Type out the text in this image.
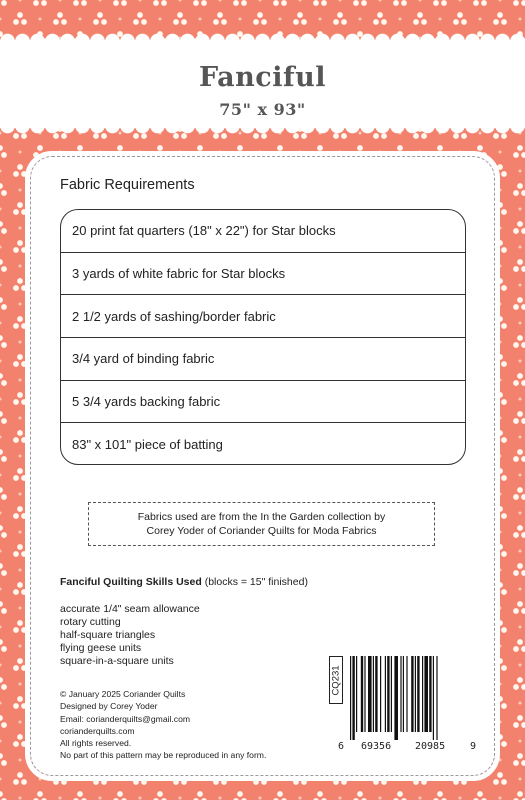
Fanciful
75" x 93"
Fabric Requirements
20 print fat quarters (18" x 22") for Star blocks
3 yards of white fabric for Star blocks
2 1/2 yards of sashing/border fabric
3/4 yard of binding fabric
5 3/4 yards backing fabric
83" x 101" piece of batting
Fabrics used are from the In the Garden collection by
Corey Yoder of Coriander Quilts for Moda Fabrics
Fanciful Quilting Skills Used (blocks = 15" finished)
accurate 1/4" seam allowance
rotary cutting
half-square triangles
flying geese units
square-in-a-square units
© January 2025 Coriander Quilts
Designed by Corey Yoder
Email: corianderquilts@gmail.com
corianderquilts.com
All rights reserved.
No part of this pattern may be reproduced in any form.
CQ231
6 69356 20985 9
